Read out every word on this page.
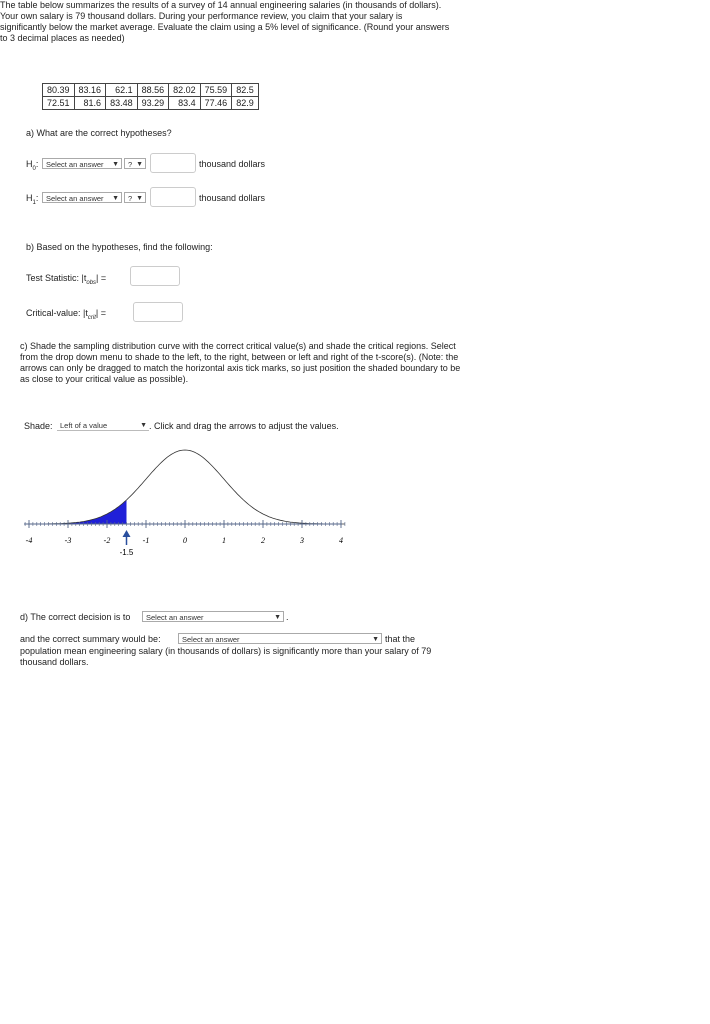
The table below summarizes the results of a survey of 14 annual engineering salaries (in thousands of dollars). Your own salary is 79 thousand dollars. During your performance review, you claim that your salary is significantly below the market average. Evaluate the claim using a 5% level of significance. (Round your answers to 3 decimal places as needed)
80.39	83.16	62.1	88.56	82.02	75.59	82.5
72.51	81.6	83.48	93.29	83.4	77.46	82.9
a) What are the correct hypotheses?
$H_0$:	Select an answer ▼	? ▼	thousand dollars
$H_1$:	Select an answer ▼	? ▼	thousand dollars
b) Based on the hypotheses, find the following:
Test Statistic: $|t_{obs}|$ =
Critical-value: $|t_{crit}|$ =
c) Shade the sampling distribution curve with the correct critical value(s) and shade the critical regions. Select from the drop down menu to shade to the left, to the right, between or left and right of the t-score(s). (Note: the arrows can only be dragged to match the horizontal axis tick marks, so just position the shaded boundary to be as close to your critical value as possible).
Shade: Left of a value	▼ . Click and drag the arrows to adjust the values.
-4	-3	-2	-1	0	1	2	3	4
-1.5
d) The correct decision is to	Select an answer	▼ .
and the correct summary would be:	Select an answer	▼ that the
population mean engineering salary (in thousands of dollars) is significantly more than your salary of 79 thousand dollars.
